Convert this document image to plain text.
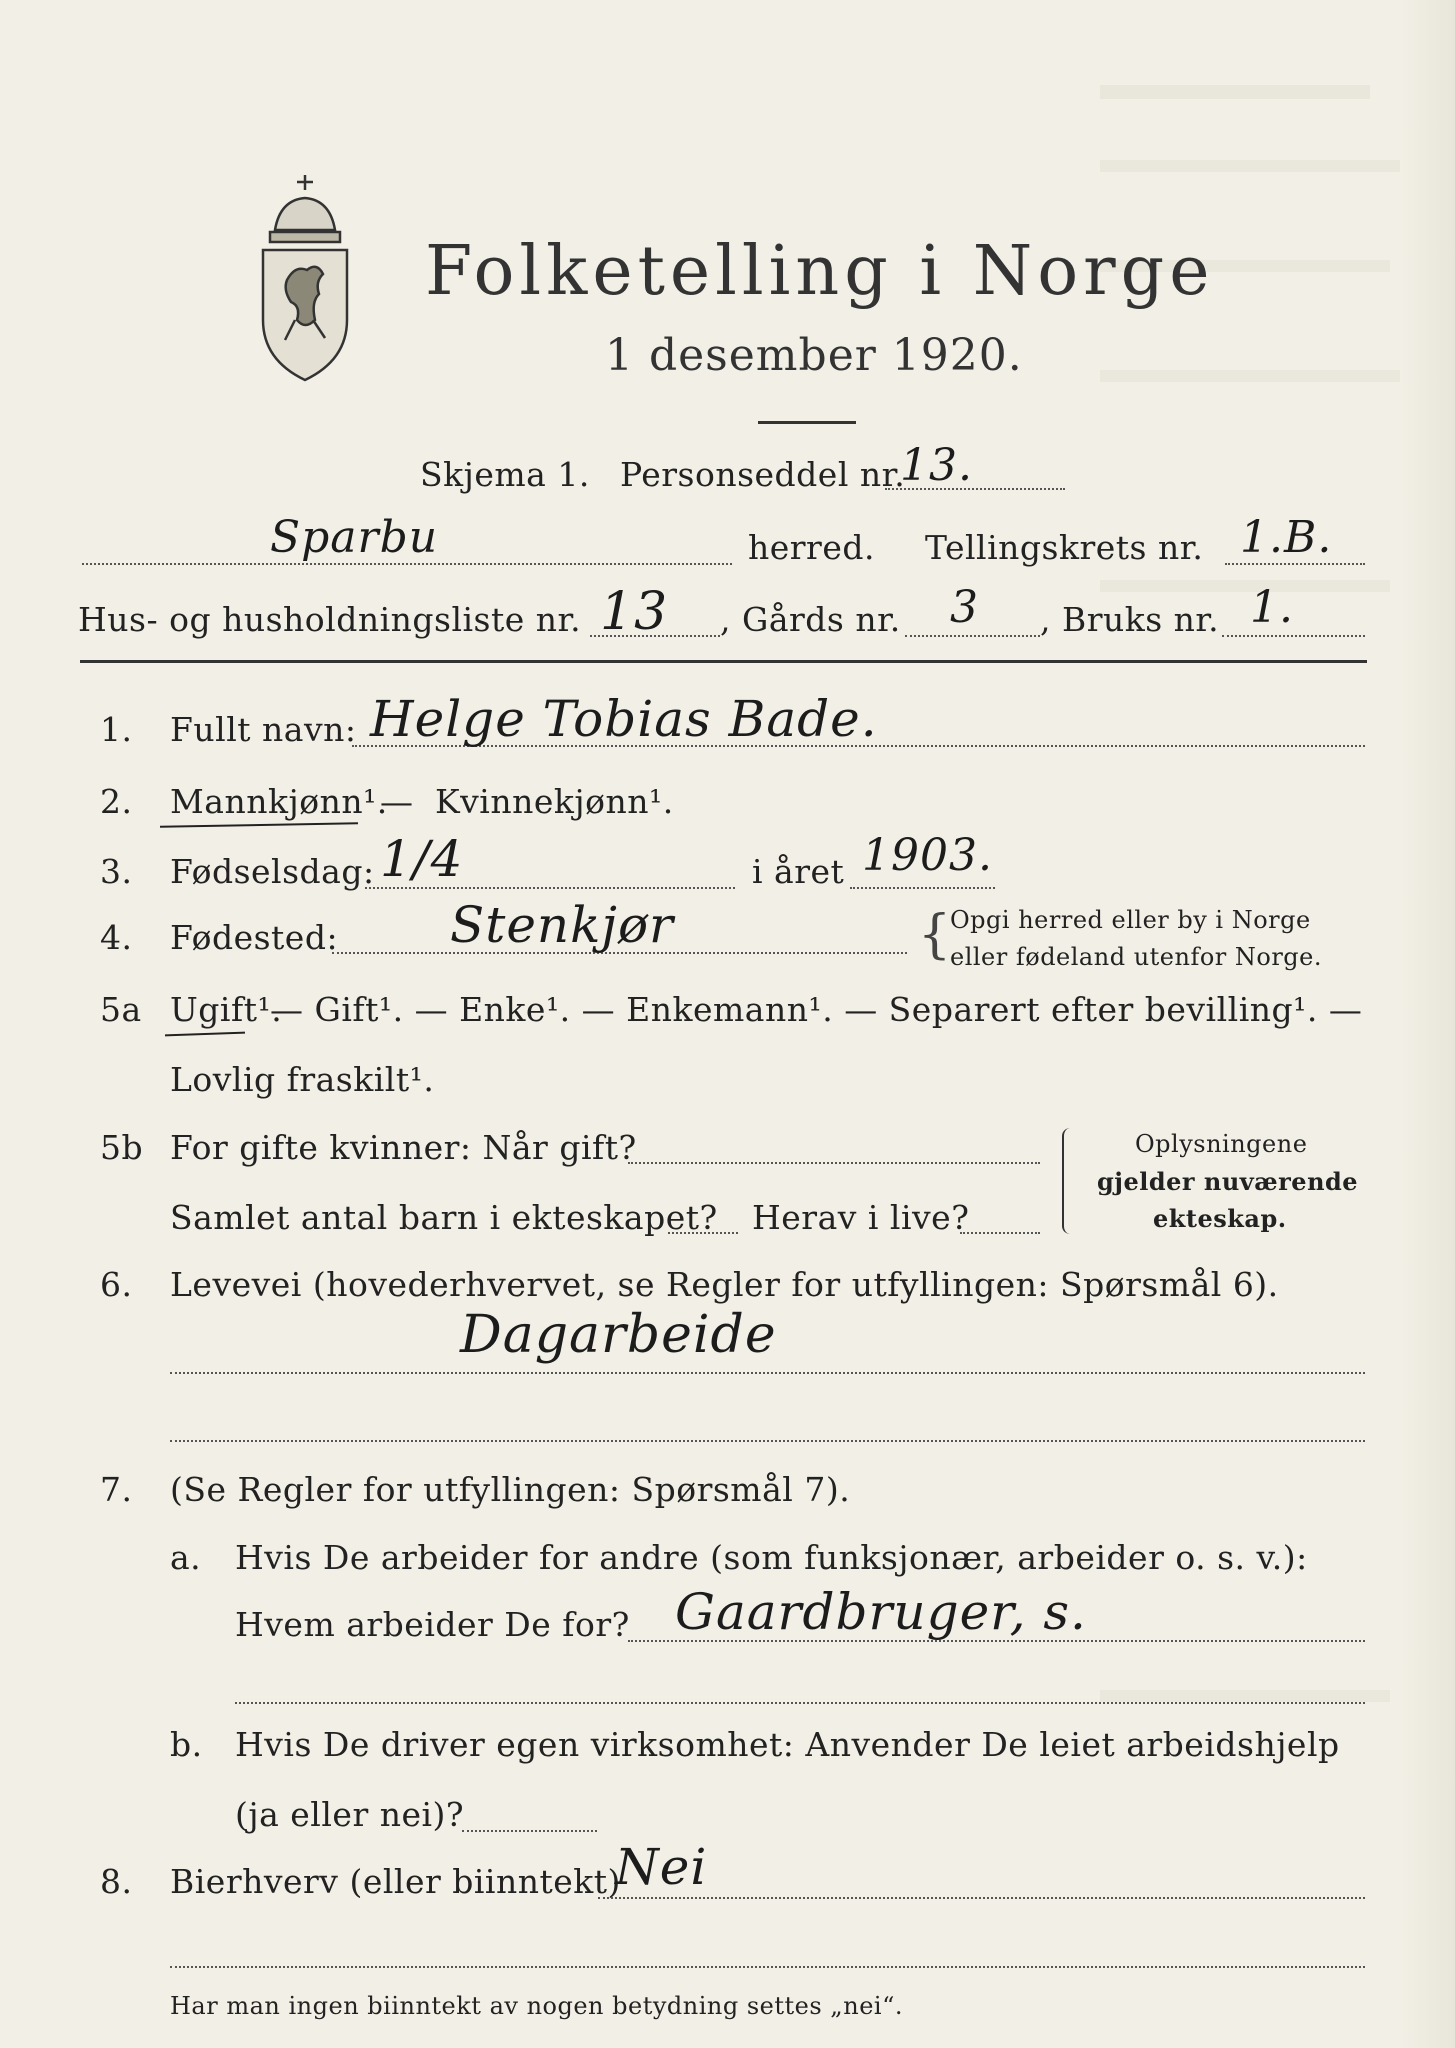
Folketelling i Norge
1 desember 1920.
Skjema 1. Personseddel nr.
13.
Sparbu	herred. Tellingskrets nr. 1.B.
Hus- og husholdningsliste nr. 13 , Gårds nr. 3 , Bruks nr. 1.
1. Fullt navn: Helge Tobias Bade.
2. Mannkjønn¹.
— Kvinnekjønn¹.
3. Fødselsdag: 1/4	i året 1903.
4. Fødested: Stenkjør	{
Opgi herred eller by i Norge
eller fødeland utenfor Norge.
5a Ugift¹.
— Gift¹. — Enke¹. — Enkemann¹. — Separert efter bevilling¹. —
Lovlig fraskilt¹.
5b For gifte kvinner: Når gift?
Samlet antal barn i ekteskapet? Herav i live?
Oplysningene
gjelder nuværende
ekteskap.
6. Levevei (hovederhvervet, se Regler for utfyllingen: Spørsmål 6).
Dagarbeide
7. (Se Regler for utfyllingen: Spørsmål 7).
a. Hvis De arbeider for andre (som funksjonær, arbeider o. s. v.):
Hvem arbeider De for? Gaardbruger, s.
b. Hvis De driver egen virksomhet: Anvender De leiet arbeidshjelp
(ja eller nei)?
8. Bierhverv (eller biinntekt)
Nei
Har man ingen biinntekt av nogen betydning settes „nei“.
